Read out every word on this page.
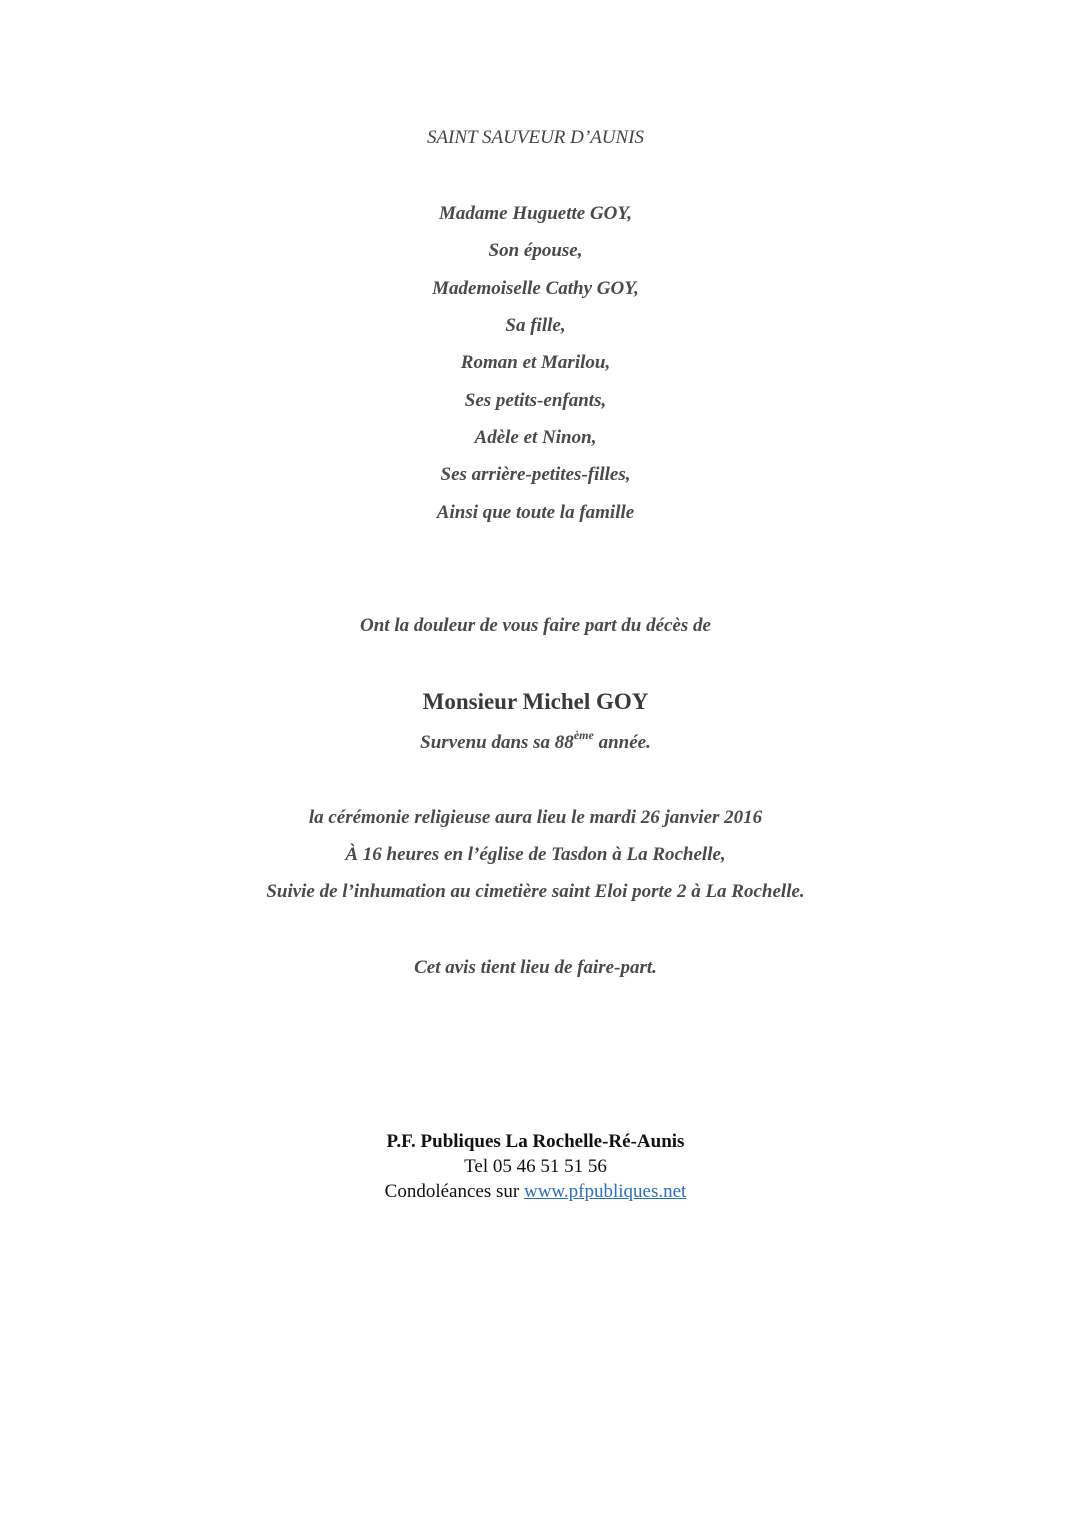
SAINT SAUVEUR D’AUNIS
Madame Huguette GOY,
Son épouse,
Mademoiselle Cathy GOY,
Sa fille,
Roman et Marilou,
Ses petits-enfants,
Adèle et Ninon,
Ses arrière-petites-filles,
Ainsi que toute la famille
Ont la douleur de vous faire part du décès de
Monsieur Michel GOY
Survenu dans sa 88ème année.
la cérémonie religieuse aura lieu le mardi 26 janvier 2016
À 16 heures en l’église de Tasdon à La Rochelle,
Suivie de l’inhumation au cimetière saint Eloi porte 2 à La Rochelle.
Cet avis tient lieu de faire-part.
P.F. Publiques La Rochelle-Ré-Aunis
Tel 05 46 51 51 56
Condoléances sur www.pfpubliques.net
